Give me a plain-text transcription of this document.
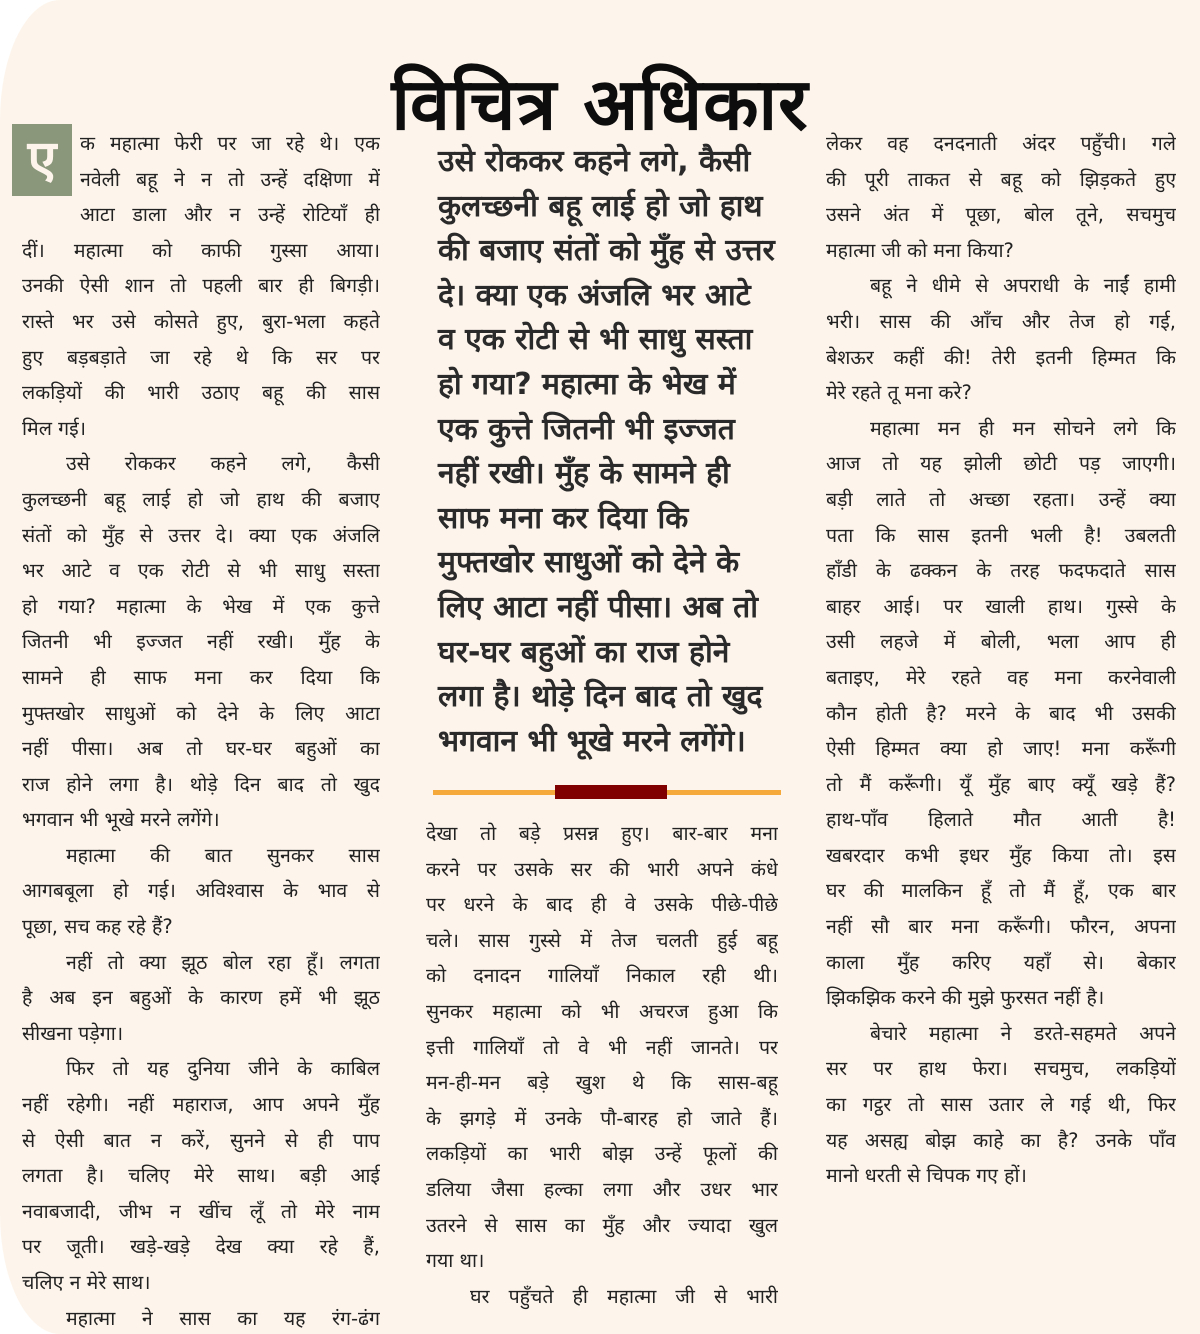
विचित्र अधिकार
ए	क महात्मा फेरी पर जा रहे थे। एक
नवेली बहू ने न तो उन्हें दक्षिणा में
आटा डाला और न उन्हें रोटियाँ ही
दीं। महात्मा को काफी गुस्सा आया।
उनकी ऐसी शान तो पहली बार ही बिगड़ी।
रास्ते भर उसे कोसते हुए, बुरा-भला कहते
हुए बड़बड़ाते जा रहे थे कि सर पर
लकड़ियों की भारी उठाए बहू की सास
मिल गई।
उसे रोककर कहने लगे, कैसी
कुलच्छनी बहू लाई हो जो हाथ की बजाए
संतों को मुँह से उत्तर दे। क्या एक अंजलि
भर आटे व एक रोटी से भी साधु सस्ता
हो गया? महात्मा के भेख में एक कुत्ते
जितनी भी इज्जत नहीं रखी। मुँह के
सामने ही साफ मना कर दिया कि
मुफ्तखोर साधुओं को देने के लिए आटा
नहीं पीसा। अब तो घर-घर बहुओं का
राज होने लगा है। थोड़े दिन बाद तो खुद
भगवान भी भूखे मरने लगेंगे।
महात्मा की बात सुनकर सास
आगबबूला हो गई। अविश्वास के भाव से
पूछा, सच कह रहे हैं?
नहीं तो क्या झूठ बोल रहा हूँ। लगता
है अब इन बहुओं के कारण हमें भी झूठ
सीखना पड़ेगा।
फिर तो यह दुनिया जीने के काबिल
नहीं रहेगी। नहीं महाराज, आप अपने मुँह
से ऐसी बात न करें, सुनने से ही पाप
लगता है। चलिए मेरे साथ। बड़ी आई
नवाबजादी, जीभ न खींच लूँ तो मेरे नाम
पर जूती। खड़े-खड़े देख क्या रहे हैं,
चलिए न मेरे साथ।
महात्मा ने सास का यह रंग-ढंग
उसे रोककर कहने लगे, कैसी
कुलच्छनी बहू लाई हो जो हाथ
की बजाए संतों को मुँह से उत्तर
दे। क्या एक अंजलि भर आटे
व एक रोटी से भी साधु सस्ता
हो गया? महात्मा के भेख में
एक कुत्ते जितनी भी इज्जत
नहीं रखी। मुँह के सामने ही
साफ मना कर दिया कि
मुफ्तखोर साधुओं को देने के
लिए आटा नहीं पीसा। अब तो
घर-घर बहुओं का राज होने
लगा है। थोड़े दिन बाद तो खुद
भगवान भी भूखे मरने लगेंगे।
देखा तो बड़े प्रसन्न हुए। बार-बार मना
करने पर उसके सर की भारी अपने कंधे
पर धरने के बाद ही वे उसके पीछे-पीछे
चले। सास गुस्से में तेज चलती हुई बहू
को दनादन गालियाँ निकाल रही थी।
सुनकर महात्मा को भी अचरज हुआ कि
इत्ती गालियाँ तो वे भी नहीं जानते। पर
मन-ही-मन बड़े खुश थे कि सास-बहू
के झगड़े में उनके पौ-बारह हो जाते हैं।
लकड़ियों का भारी बोझ उन्हें फूलों की
डलिया जैसा हल्का लगा और उधर भार
उतरने से सास का मुँह और ज्यादा खुल
गया था।
घर पहुँचते ही महात्मा जी से भारी
लेकर वह दनदनाती अंदर पहुँची। गले
की पूरी ताकत से बहू को झिड़कते हुए
उसने अंत में पूछा, बोल तूने, सचमुच
महात्मा जी को मना किया?
बहू ने धीमे से अपराधी के नाईं हामी
भरी। सास की आँच और तेज हो गई,
बेशऊर कहीं की! तेरी इतनी हिम्मत कि
मेरे रहते तू मना करे?
महात्मा मन ही मन सोचने लगे कि
आज तो यह झोली छोटी पड़ जाएगी।
बड़ी लाते तो अच्छा रहता। उन्हें क्या
पता कि सास इतनी भली है! उबलती
हाँडी के ढक्कन के तरह फदफदाते सास
बाहर आई। पर खाली हाथ। गुस्से के
उसी लहजे में बोली, भला आप ही
बताइए, मेरे रहते वह मना करनेवाली
कौन होती है? मरने के बाद भी उसकी
ऐसी हिम्मत क्या हो जाए! मना करूँगी
तो मैं करूँगी। यूँ मुँह बाए क्यूँ खड़े हैं?
हाथ-पाँव हिलाते मौत आती है!
खबरदार कभी इधर मुँह किया तो। इस
घर की मालकिन हूँ तो मैं हूँ, एक बार
नहीं सौ बार मना करूँगी। फौरन, अपना
काला मुँह करिए यहाँ से। बेकार
झिकझिक करने की मुझे फुरसत नहीं है।
बेचारे महात्मा ने डरते-सहमते अपने
सर पर हाथ फेरा। सचमुच, लकड़ियों
का गट्ठर तो सास उतार ले गई थी, फिर
यह असह्य बोझ काहे का है? उनके पाँव
मानो धरती से चिपक गए हों।
